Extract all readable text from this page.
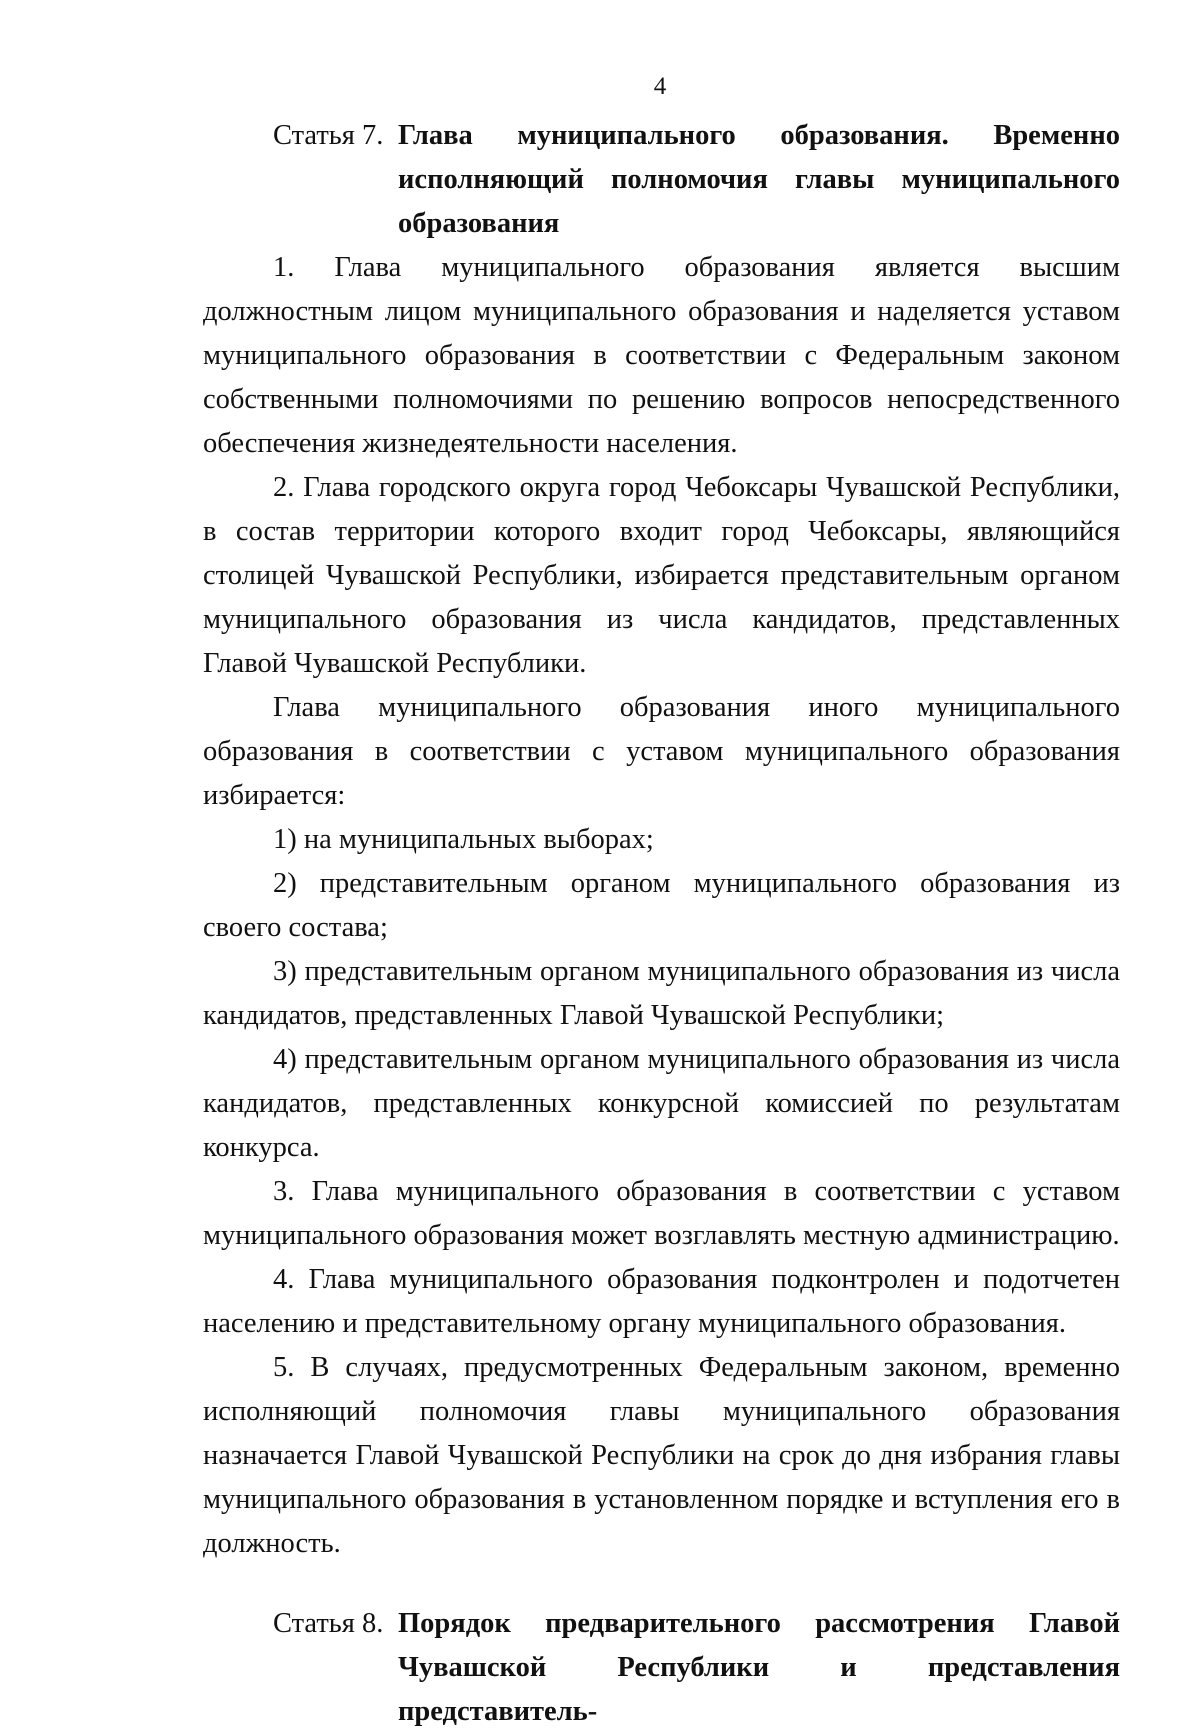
4
Статья 7. Глава муниципального образования. Временно исполняющий полномочия главы муниципального образования

1. Глава муниципального образования является высшим должностным лицом муниципального образования и наделяется уставом муниципального образования в соответствии с Федеральным законом собственными полномочиями по решению вопросов непосредственного обеспечения жизнедеятельности населения.

2. Глава городского округа город Чебоксары Чувашской Республики, в состав территории которого входит город Чебоксары, являющийся столицей Чувашской Республики, избирается представительным органом муниципального образования из числа кандидатов, представленных Главой Чувашской Республики.

Глава муниципального образования иного муниципального образования в соответствии с уставом муниципального образования избирается:

1) на муниципальных выборах;

2) представительным органом муниципального образования из своего состава;

3) представительным органом муниципального образования из числа кандидатов, представленных Главой Чувашской Республики;

4) представительным органом муниципального образования из числа кандидатов, представленных конкурсной комиссией по результатам конкурса.

3. Глава муниципального образования в соответствии с уставом муниципального образования может возглавлять местную администрацию.

4. Глава муниципального образования подконтролен и подотчетен населению и представительному органу муниципального образования.

5. В случаях, предусмотренных Федеральным законом, временно исполняющий полномочия главы муниципального образования назначается Главой Чувашской Республики на срок до дня избрания главы муниципального образования в установленном порядке и вступления его в должность.

Статья 8. Порядок предварительного рассмотрения Главой Чувашской Республики и представления представитель-
